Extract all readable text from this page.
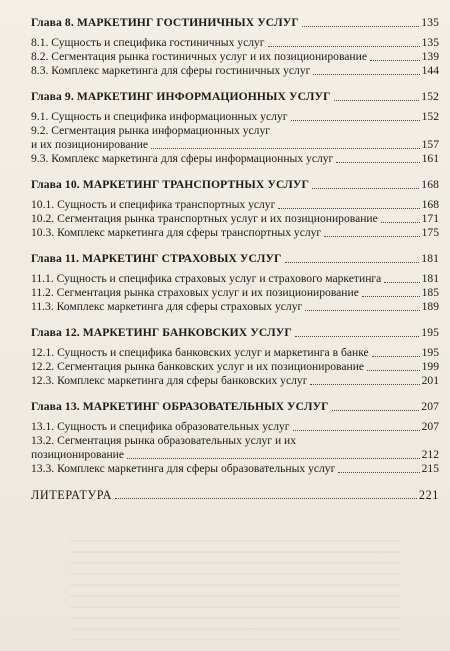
Глава 8. МАРКЕТИНГ ГОСТИНИЧНЫХ УСЛУГ	135
8.1. Сущность и специфика гостиничных услуг	135
8.2. Сегментация рынка гостиничных услуг и их позиционирование	139
8.3. Комплекс маркетинга для сферы гостиничных услуг	144
Глава 9. МАРКЕТИНГ ИНФОРМАЦИОННЫХ УСЛУГ	152
9.1. Сущность и специфика информационных услуг	152
9.2. Сегментация рынка информационных услуг
и их позиционирование	157
9.3. Комплекс маркетинга для сферы информационных услуг	161
Глава 10. МАРКЕТИНГ ТРАНСПОРТНЫХ УСЛУГ	168
10.1. Сущность и специфика транспортных услуг	168
10.2. Сегментация рынка транспортных услуг и их позиционирование	171
10.3. Комплекс маркетинга для сферы транспортных услуг	175
Глава 11. МАРКЕТИНГ СТРАХОВЫХ УСЛУГ	181
11.1. Сущность и специфика страховых услуг и страхового маркетинга	181
11.2. Сегментация рынка страховых услуг и их позиционирование	185
11.3. Комплекс маркетинга для сферы страховых услуг	189
Глава 12. МАРКЕТИНГ БАНКОВСКИХ УСЛУГ	195
12.1. Сущность и специфика банковских услуг и маркетинга в банке	195
12.2. Сегментация рынка банковских услуг и их позиционирование	199
12.3. Комплекс маркетинга для сферы банковских услуг	201
Глава 13. МАРКЕТИНГ ОБРАЗОВАТЕЛЬНЫХ УСЛУГ	207
13.1. Сущность и специфика образовательных услуг	207
13.2. Сегментация рынка образовательных услуг и их
позиционирование	212
13.3. Комплекс маркетинга для сферы образовательных услуг	215
ЛИТЕРАТУРА	221
